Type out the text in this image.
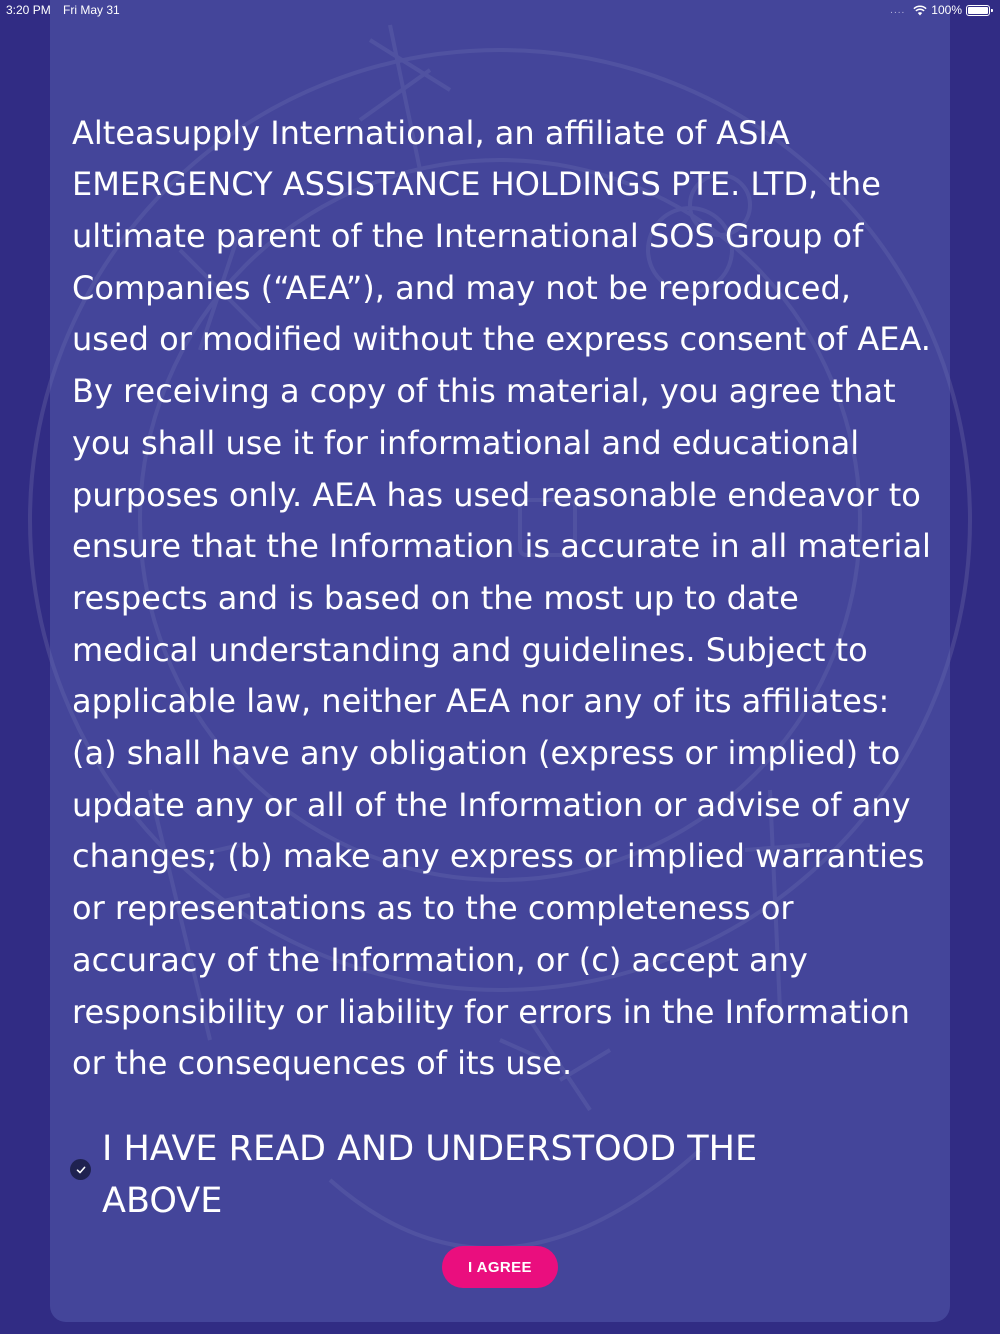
3:20 PM Fri May 31	.... 100%

Alteasupply International, an affiliate of ASIA EMERGENCY ASSISTANCE HOLDINGS PTE. LTD, the ultimate parent of the International SOS Group of Companies (“AEA”), and may not be reproduced, used or modified without the express consent of AEA. By receiving a copy of this material, you agree that you shall use it for informational and educational purposes only. AEA has used reasonable endeavor to ensure that the Information is accurate in all material respects and is based on the most up to date medical understanding and guidelines. Subject to applicable law, neither AEA nor any of its affiliates: (a) shall have any obligation (express or implied) to update any or all of the Information or advise of any changes; (b) make any express or implied warranties or representations as to the completeness or accuracy of the Information, or (c) accept any responsibility or liability for errors in the Information or the consequences of its use.

I HAVE READ AND UNDERSTOOD THE ABOVE
I AGREE
